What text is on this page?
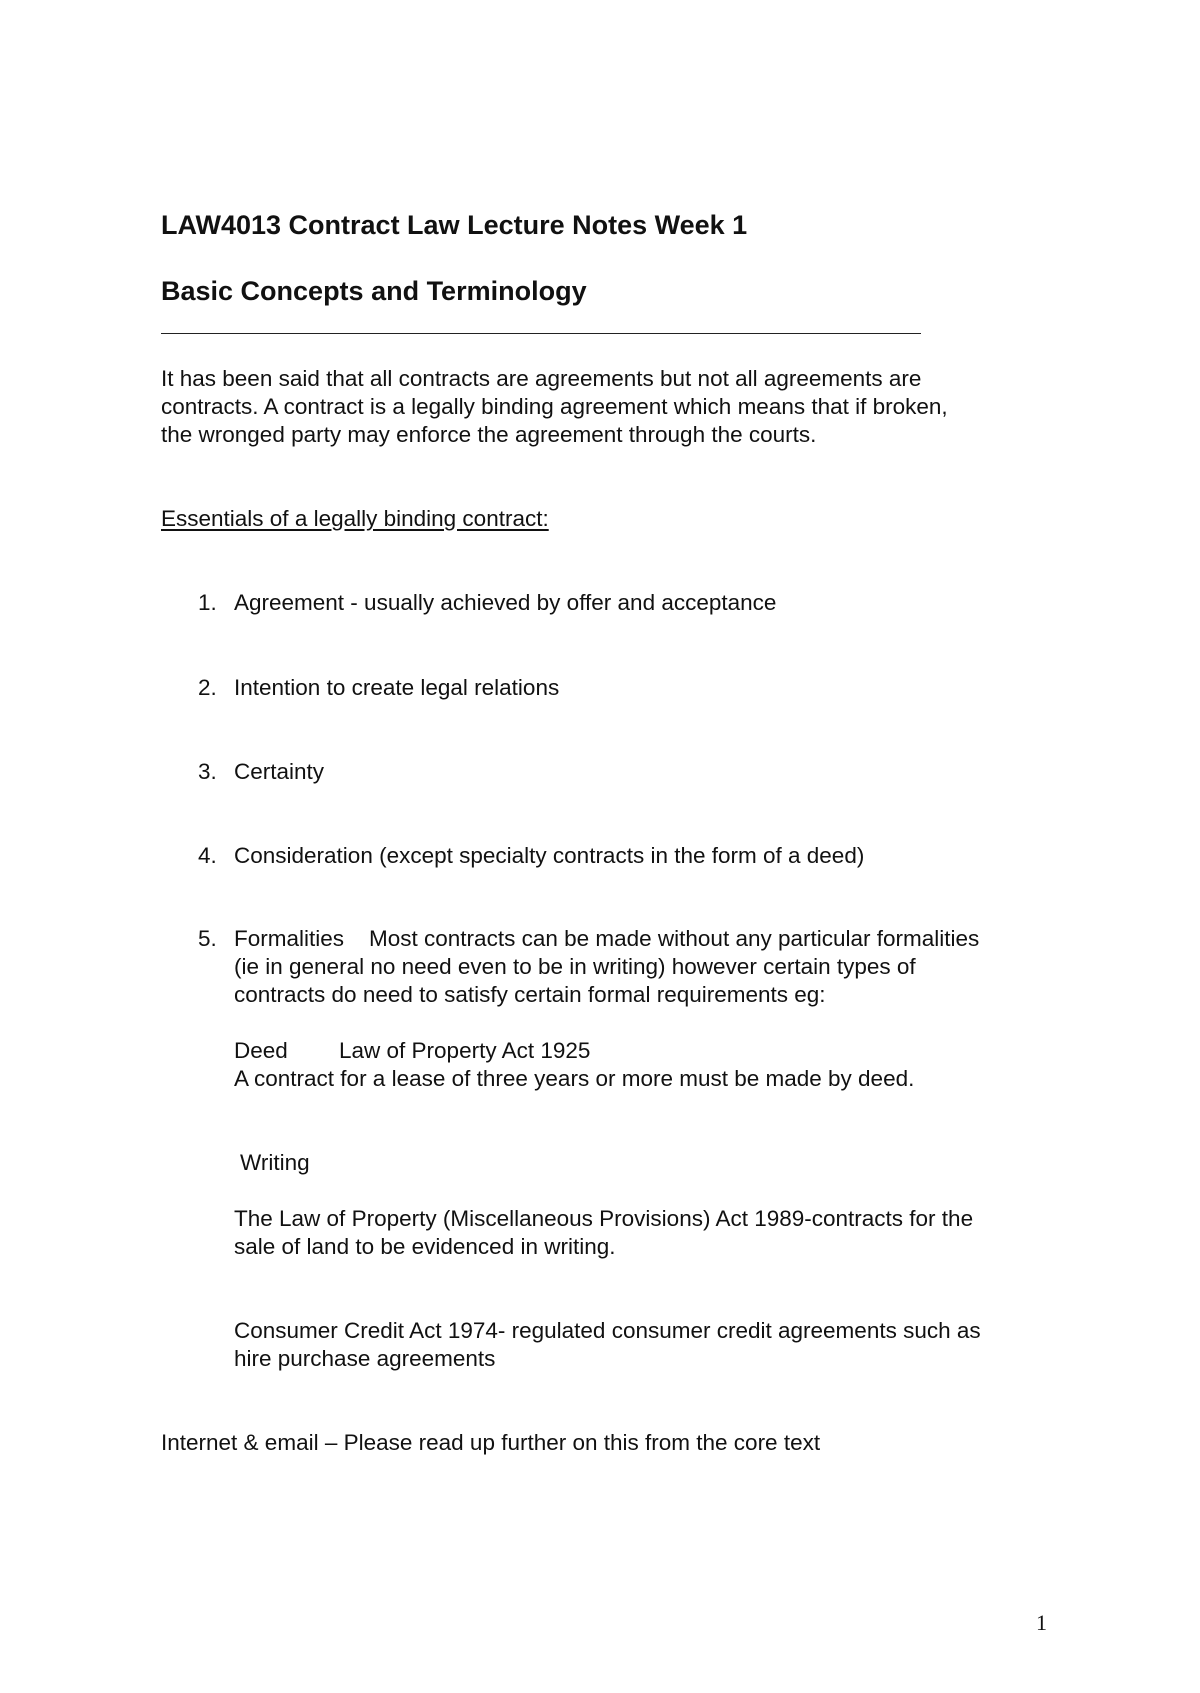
LAW4013 Contract Law Lecture Notes Week 1
Basic Concepts and Terminology
It has been said that all contracts are agreements but not all agreements are
contracts. A contract is a legally binding agreement which means that if broken,
the wronged party may enforce the agreement through the courts.
Essentials of a legally binding contract:
1. Agreement - usually achieved by offer and acceptance
2. Intention to create legal relations
3. Certainty
4. Consideration (except specialty contracts in the form of a deed)
5. Formalities    Most contracts can be made without any particular formalities
(ie in general no need even to be in writing) however certain types of
contracts do need to satisfy certain formal requirements eg:
Deed Law of Property Act 1925
A contract for a lease of three years or more must be made by deed.
Writing
The Law of Property (Miscellaneous Provisions) Act 1989-contracts for the
sale of land to be evidenced in writing.
Consumer Credit Act 1974- regulated consumer credit agreements such as
hire purchase agreements
Internet & email – Please read up further on this from the core text
1
